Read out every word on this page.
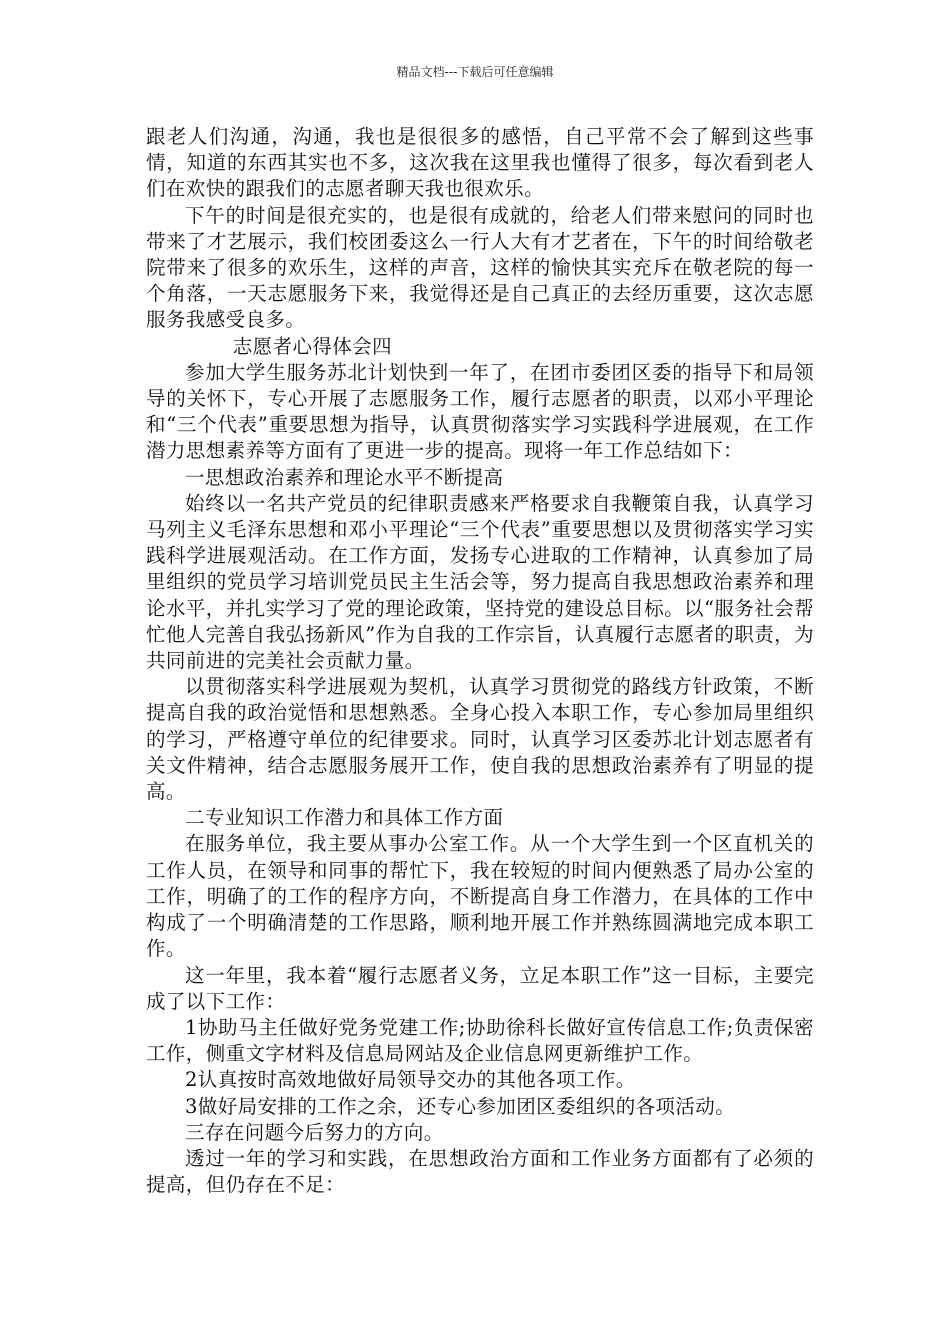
精品文档---下载后可任意编辑

跟老人们沟通，沟通，我也是很很多的感悟，自己平常不会了解到这些事情，知道的东西其实也不多，这次我在这里我也懂得了很多，每次看到老人们在欢快的跟我们的志愿者聊天我也很欢乐。

下午的时间是很充实的，也是很有成就的，给老人们带来慰问的同时也带来了才艺展示，我们校团委这么一行人大有才艺者在，下午的时间给敬老院带来了很多的欢乐生，这样的声音，这样的愉快其实充斥在敬老院的每一个角落，一天志愿服务下来，我觉得还是自己真正的去经历重要，这次志愿服务我感受良多。

志愿者心得体会四

参加大学生服务苏北计划快到一年了，在团市委团区委的指导下和局领导的关怀下，专心开展了志愿服务工作，履行志愿者的职责，以邓小平理论和“三个代表”重要思想为指导，认真贯彻落实学习实践科学进展观，在工作潜力思想素养等方面有了更进一步的提高。现将一年工作总结如下：

一思想政治素养和理论水平不断提高

始终以一名共产党员的纪律职责感来严格要求自我鞭策自我，认真学习马列主义毛泽东思想和邓小平理论“三个代表”重要思想以及贯彻落实学习实践科学进展观活动。在工作方面，发扬专心进取的工作精神，认真参加了局里组织的党员学习培训党员民主生活会等，努力提高自我思想政治素养和理论水平，并扎实学习了党的理论政策，坚持党的建设总目标。以“服务社会帮忙他人完善自我弘扬新风”作为自我的工作宗旨，认真履行志愿者的职责，为共同前进的完美社会贡献力量。

以贯彻落实科学进展观为契机，认真学习贯彻党的路线方针政策，不断提高自我的政治觉悟和思想熟悉。全身心投入本职工作，专心参加局里组织的学习，严格遵守单位的纪律要求。同时，认真学习区委苏北计划志愿者有关文件精神，结合志愿服务展开工作，使自我的思想政治素养有了明显的提高。

二专业知识工作潜力和具体工作方面

在服务单位，我主要从事办公室工作。从一个大学生到一个区直机关的工作人员，在领导和同事的帮忙下，我在较短的时间内便熟悉了局办公室的工作，明确了的工作的程序方向，不断提高自身工作潜力，在具体的工作中构成了一个明确清楚的工作思路，顺利地开展工作并熟练圆满地完成本职工作。

这一年里，我本着“履行志愿者义务，立足本职工作”这一目标，主要完成了以下工作：

1协助马主任做好党务党建工作;协助徐科长做好宣传信息工作;负责保密工作，侧重文字材料及信息局网站及企业信息网更新维护工作。

2认真按时高效地做好局领导交办的其他各项工作。

3做好局安排的工作之余，还专心参加团区委组织的各项活动。

三存在问题今后努力的方向。

透过一年的学习和实践，在思想政治方面和工作业务方面都有了必须的提高，但仍存在不足：
